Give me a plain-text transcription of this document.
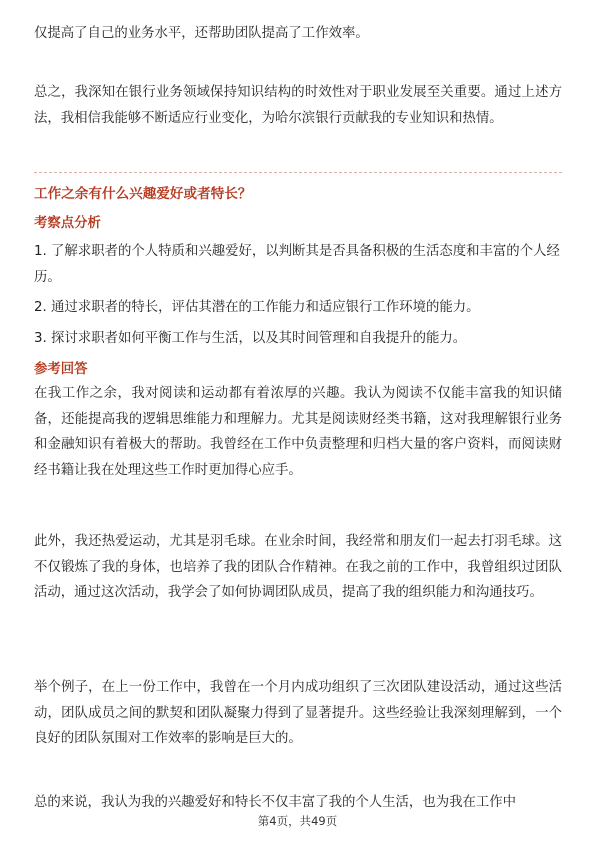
仅提高了自己的业务水平，还帮助团队提高了工作效率。

总之，我深知在银行业务领域保持知识结构的时效性对于职业发展至关重要。通过上述方法，我相信我能够不断适应行业变化，为哈尔滨银行贡献我的专业知识和热情。

工作之余有什么兴趣爱好或者特长？
考察点分析
1. 了解求职者的个人特质和兴趣爱好，以判断其是否具备积极的生活态度和丰富的个人经历。
2. 通过求职者的特长，评估其潜在的工作能力和适应银行工作环境的能力。
3. 探讨求职者如何平衡工作与生活，以及其时间管理和自我提升的能力。
参考回答

在我工作之余，我对阅读和运动都有着浓厚的兴趣。我认为阅读不仅能丰富我的知识储备，还能提高我的逻辑思维能力和理解力。尤其是阅读财经类书籍，这对我理解银行业务和金融知识有着极大的帮助。我曾经在工作中负责整理和归档大量的客户资料，而阅读财经书籍让我在处理这些工作时更加得心应手。

此外，我还热爱运动，尤其是羽毛球。在业余时间，我经常和朋友们一起去打羽毛球。这不仅锻炼了我的身体，也培养了我的团队合作精神。在我之前的工作中，我曾组织过团队活动，通过这次活动，我学会了如何协调团队成员，提高了我的组织能力和沟通技巧。

举个例子，在上一份工作中，我曾在一个月内成功组织了三次团队建设活动，通过这些活动，团队成员之间的默契和团队凝聚力得到了显著提升。这些经验让我深刻理解到，一个良好的团队氛围对工作效率的影响是巨大的。

总的来说，我认为我的兴趣爱好和特长不仅丰富了我的个人生活，也为我在工作中

第4页，共49页
